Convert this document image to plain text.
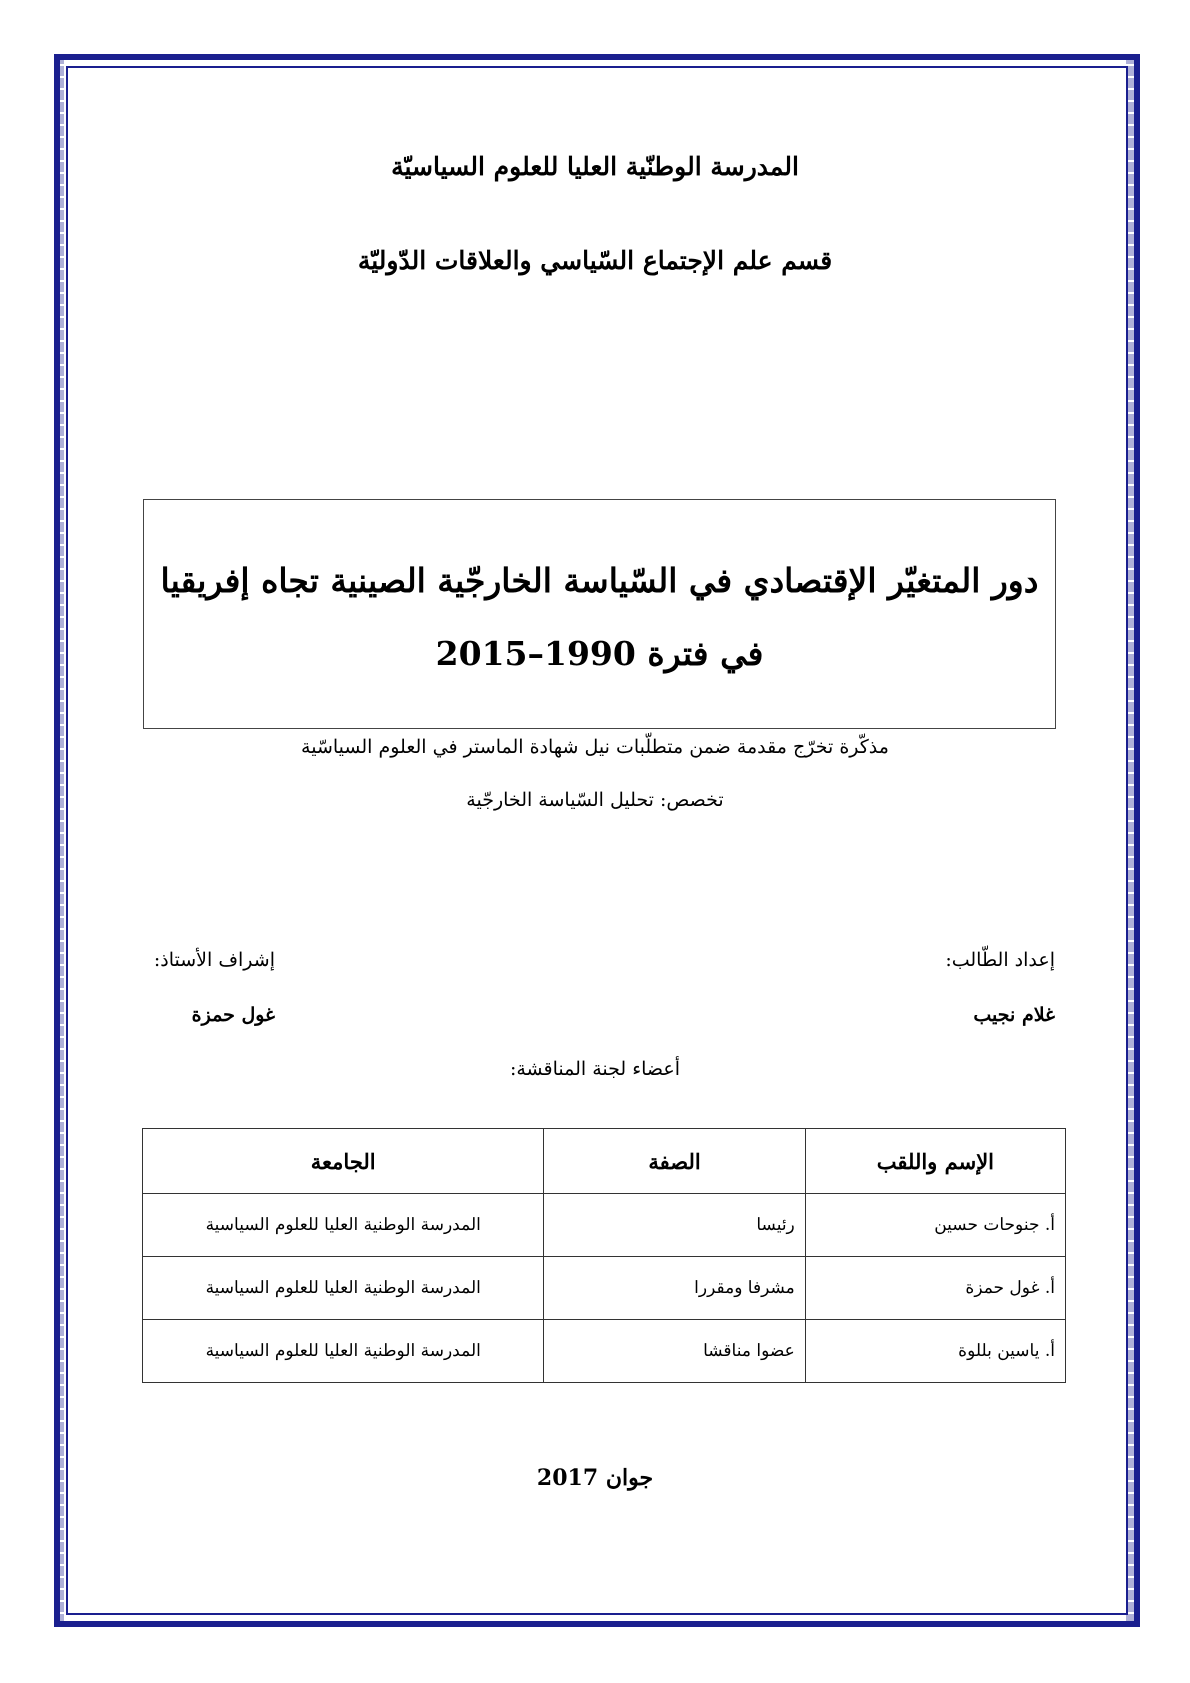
المدرسة الوطنّية العليا للعلوم السياسيّة
قسم علم الإجتماع السّياسي والعلاقات الدّوليّة
دور المتغيّر الإقتصادي في السّياسة الخارجّية الصينية تجاه إفريقيا
في فترة 1990–2015
مذكّرة تخرّج مقدمة ضمن متطلّبات نيل شهادة الماستر في العلوم السياسّية
تخصص: تحليل السّياسة الخارجّية
إعداد الطّالب:
غلام نجيب
إشراف الأستاذ:
غول حمزة
أعضاء لجنة المناقشة:
الإسم واللقب	الصفة	الجامعة
أ. جنوحات حسين	رئيسا	المدرسة الوطنية العليا للعلوم السياسية
أ. غول حمزة	مشرفا ومقررا	المدرسة الوطنية العليا للعلوم السياسية
أ. ياسين بللوة	عضوا مناقشا	المدرسة الوطنية العليا للعلوم السياسية
جوان 2017
